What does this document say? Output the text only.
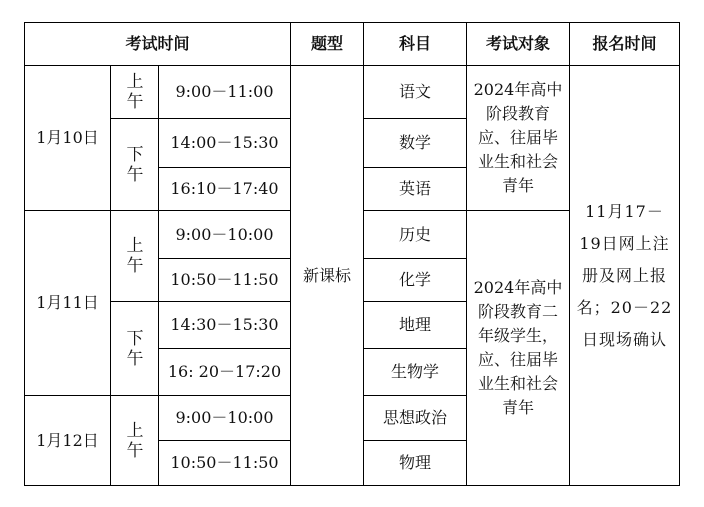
考试时间			题型	科目	考试对象	报名时间
1月10日	上午	9:00－11:00	新课标	语文	2024年高中阶段教育应、往届毕业生和社会青年	11月17－19日网上注册及网上报名；20－22日现场确认

	下午	14:00－15:30		数学		
		16:10－17:40		英语		
1月11日	上午	9:00－10:00		历史	2024年高中阶段教育二年级学生，应、往届毕业生和社会青年	
		10:50－11:50		化学		

	下午	14:30－15:30		地理		
		16: 20－17:20		生物学		
1月12日	上午	9:00－10:00		思想政治		
		10:50－11:50		物理		
